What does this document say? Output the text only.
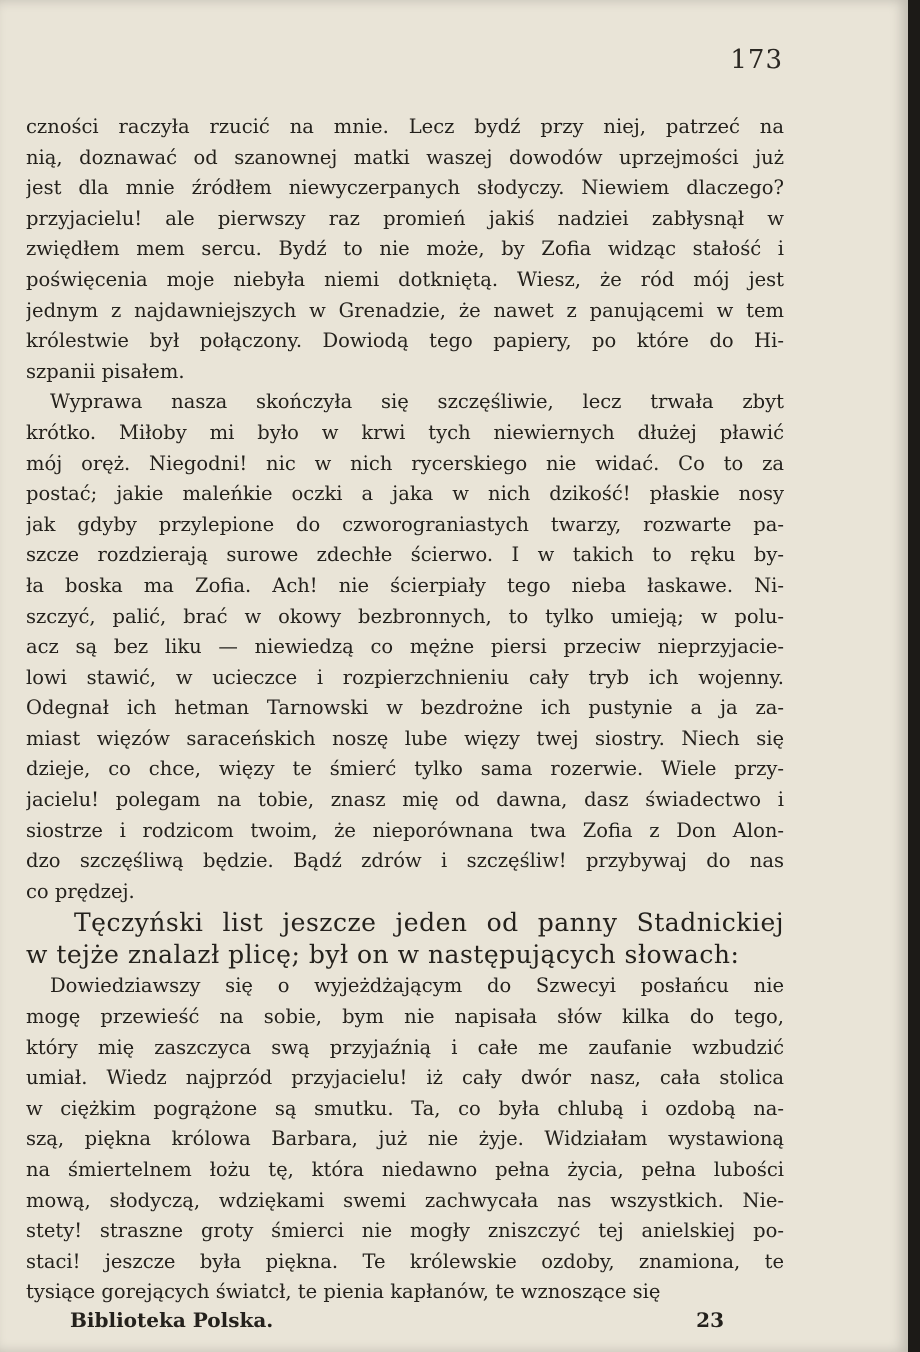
173
czności raczyła rzucić na mnie. Lecz bydź przy niej, patrzeć na
nią, doznawać od szanownej matki waszej dowodów uprzejmości już
jest dla mnie źródłem niewyczerpanych słodyczy. Niewiem dlaczego?
przyjacielu! ale pierwszy raz promień jakiś nadziei zabłysnął w
zwiędłem mem sercu. Bydź to nie może, by Zofia widząc stałość i
poświęcenia moje niebyła niemi dotkniętą. Wiesz, że ród mój jest
jednym z najdawniejszych w Grenadzie, że nawet z panującemi w tem
królestwie był połączony. Dowiodą tego papiery, po które do Hi-
szpanii pisałem.
Wyprawa nasza skończyła się szczęśliwie, lecz trwała zbyt
krótko. Miłoby mi było w krwi tych niewiernych dłużej pławić
mój oręż. Niegodni! nic w nich rycerskiego nie widać. Co to za
postać; jakie maleńkie oczki a jaka w nich dzikość! płaskie nosy
jak gdyby przylepione do czworograniastych twarzy, rozwarte pa-
szcze rozdzierają surowe zdechłe ścierwo. I w takich to ręku by-
ła boska ma Zofia. Ach! nie ścierpiały tego nieba łaskawe. Ni-
szczyć, palić, brać w okowy bezbronnych, to tylko umieją; w polu-
acz są bez liku — niewiedzą co mężne piersi przeciw nieprzyjacie-
lowi stawić, w ucieczce i rozpierzchnieniu cały tryb ich wojenny.
Odegnał ich hetman Tarnowski w bezdrożne ich pustynie a ja za-
miast więzów saraceńskich noszę lube więzy twej siostry. Niech się
dzieje, co chce, więzy te śmierć tylko sama rozerwie. Wiele przy-
jacielu! polegam na tobie, znasz mię od dawna, dasz świadectwo i
siostrze i rodzicom twoim, że nieporównana twa Zofia z Don Alon-
dzo szczęśliwą będzie. Bądź zdrów i szczęśliw! przybywaj do nas
co prędzej.
Tęczyński list jeszcze jeden od panny Stadnickiej
w tejże znalazł plicę; był on w następujących słowach:
Dowiedziawszy się o wyjeżdżającym do Szwecyi posłańcu nie
mogę przewieść na sobie, bym nie napisała słów kilka do tego,
który mię zaszczyca swą przyjaźnią i całe me zaufanie wzbudzić
umiał. Wiedz najprzód przyjacielu! iż cały dwór nasz, cała stolica
w ciężkim pogrążone są smutku. Ta, co była chlubą i ozdobą na-
szą, piękna królowa Barbara, już nie żyje. Widziałam wystawioną
na śmiertelnem łożu tę, która niedawno pełna życia, pełna lubości
mową, słodyczą, wdziękami swemi zachwycała nas wszystkich. Nie-
stety! straszne groty śmierci nie mogły zniszczyć tej anielskiej po-
staci! jeszcze była piękna. Te królewskie ozdoby, znamiona, te
tysiące gorejących światcł, te pienia kapłanów, te wznoszące się
Biblioteka Polska.	23
